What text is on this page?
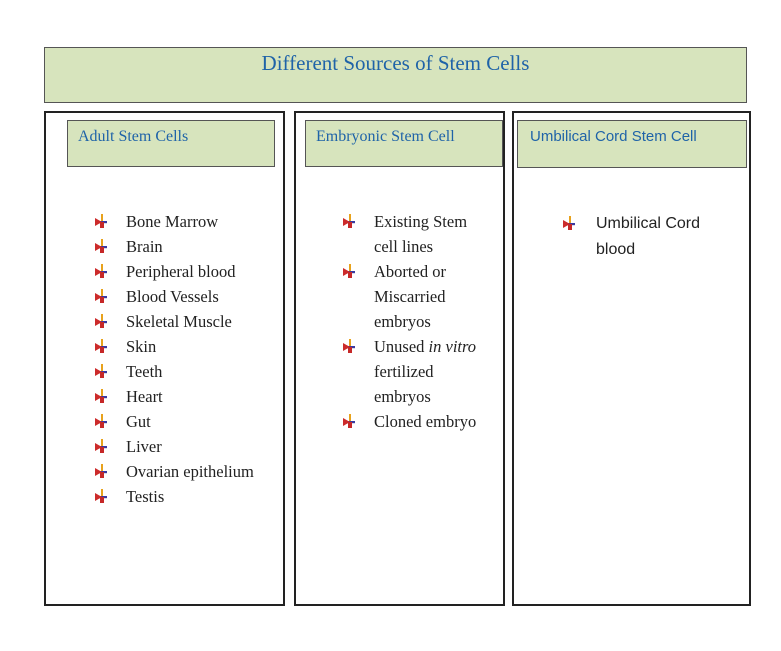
Different Sources of Stem Cells
Adult Stem Cells
Bone Marrow
Brain
Peripheral blood
Blood Vessels
Skeletal Muscle
Skin
Teeth
Heart
Gut
Liver
Ovarian epithelium
Testis
Embryonic Stem Cell
Existing Stem cell lines
Aborted or Miscarried embryos
Unused in vitro fertilized embryos
Cloned embryo
Umbilical Cord Stem Cell
Umbilical Cord blood
